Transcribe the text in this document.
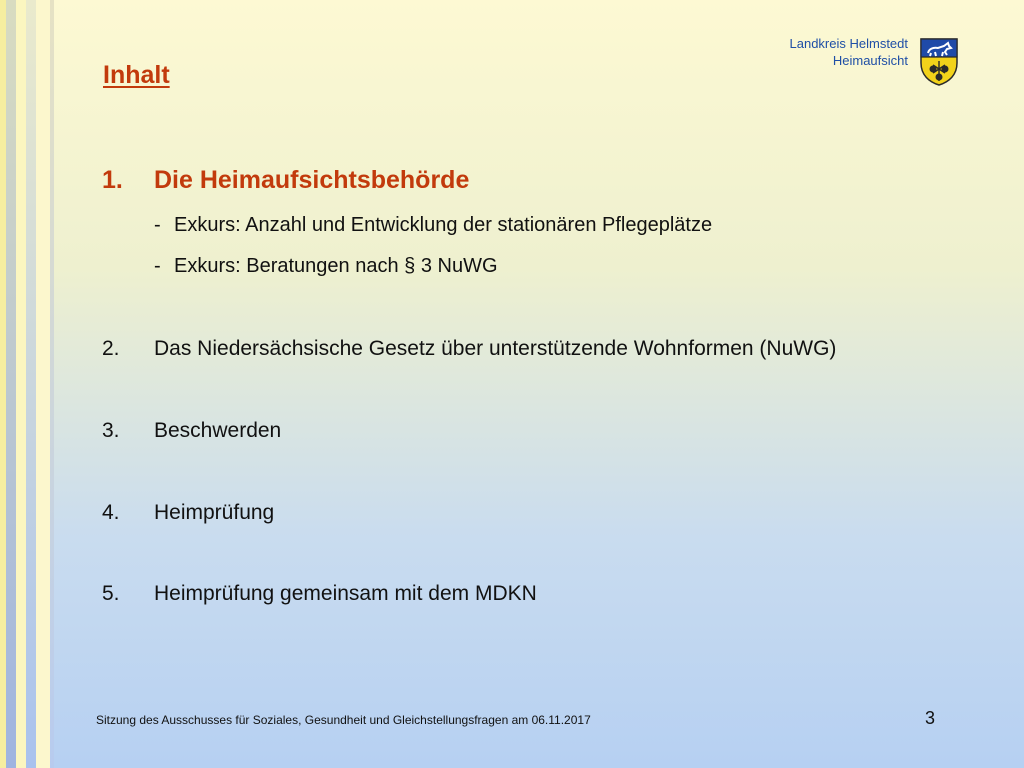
Landkreis Helmstedt
Heimaufsicht
Inhalt
1. Die Heimaufsichtsbehörde
- Exkurs: Anzahl und Entwicklung der stationären Pflegeplätze
- Exkurs: Beratungen nach § 3 NuWG
2. Das Niedersächsische Gesetz über unterstützende Wohnformen (NuWG)
3. Beschwerden
4. Heimprüfung
5. Heimprüfung gemeinsam mit dem MDKN
Sitzung des Ausschusses für Soziales, Gesundheit und Gleichstellungsfragen am 06.11.2017	3
